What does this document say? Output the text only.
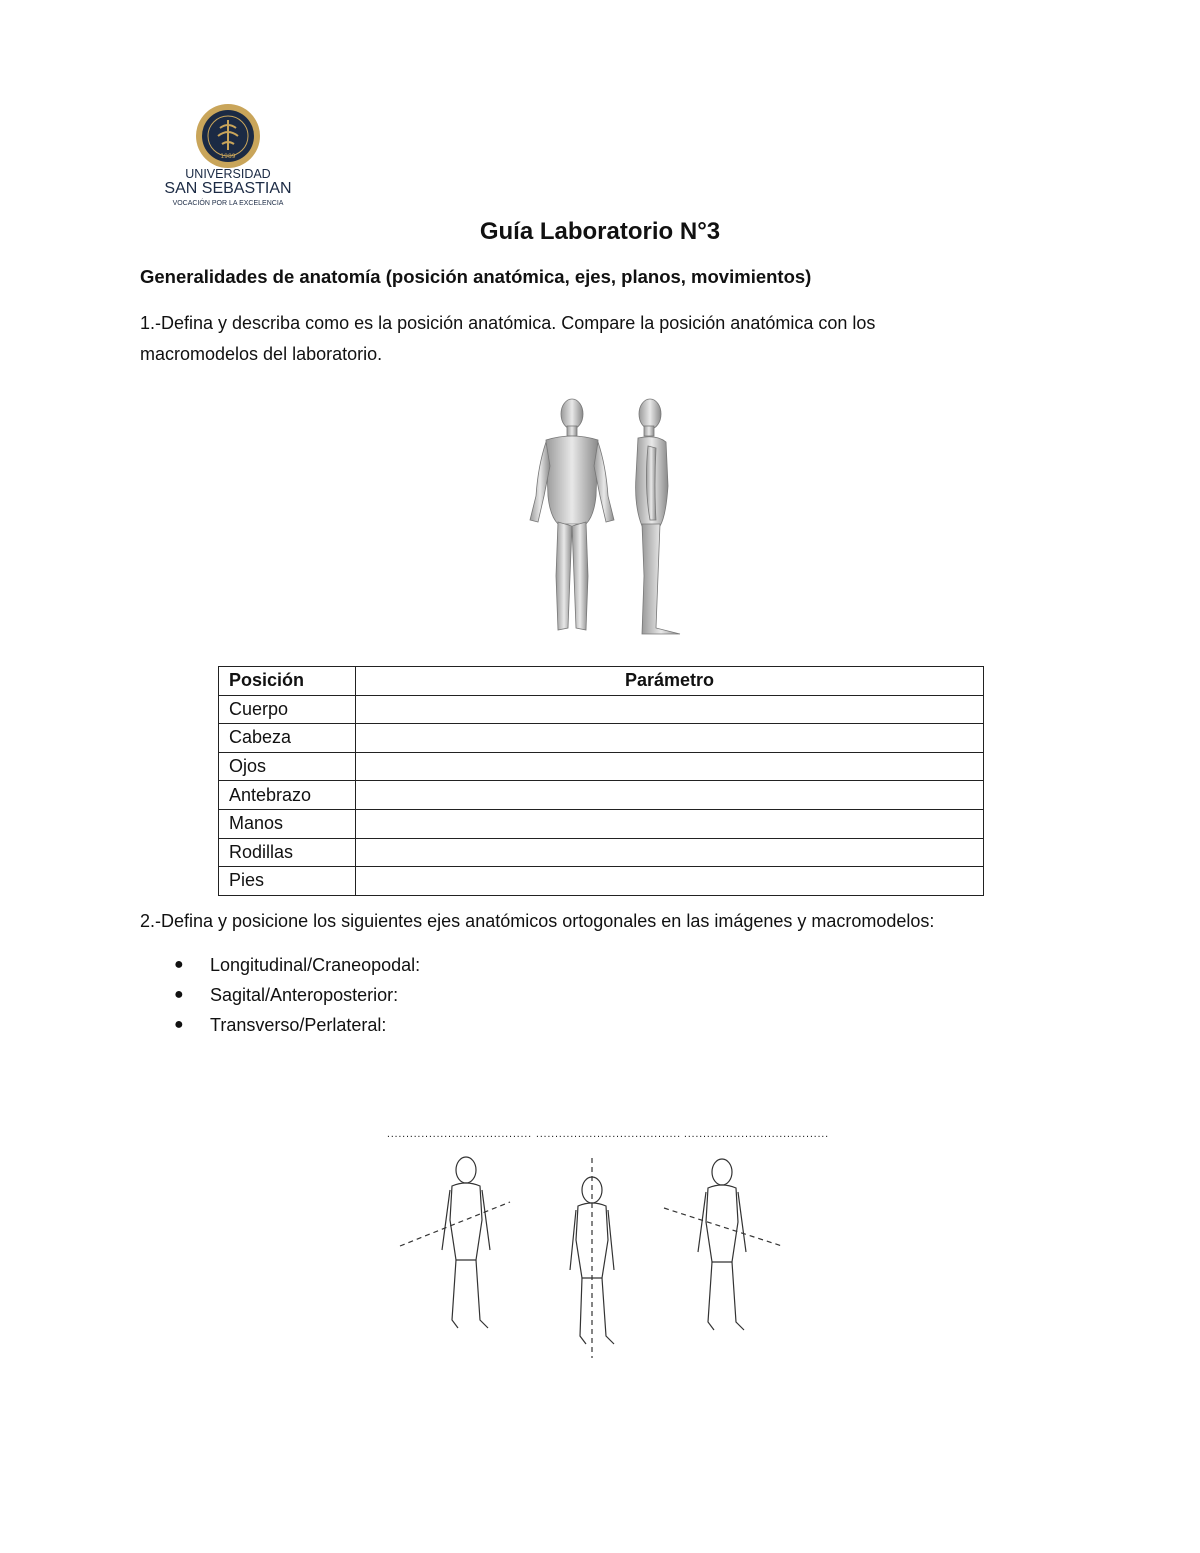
1989
UNIVERSIDAD
SAN SEBASTIAN
VOCACIÓN POR LA EXCELENCIA
Guía Laboratorio N°3
Generalidades de anatomía (posición anatómica, ejes, planos, movimientos)
1.-Defina y describa como es la posición anatómica. Compare la posición anatómica con los
macromodelos del laboratorio.
Posición	Parámetro
Cuerpo	
Cabeza	
Ojos	
Antebrazo	
Manos	
Rodillas	
Pies	
2.-Defina y posicione los siguientes ejes anatómicos ortogonales en las imágenes y macromodelos:
● Longitudinal/Craneopodal:
● Sagital/Anteroposterior:
● Transverso/Perlateral:
...................................... ...................................... ......................................
